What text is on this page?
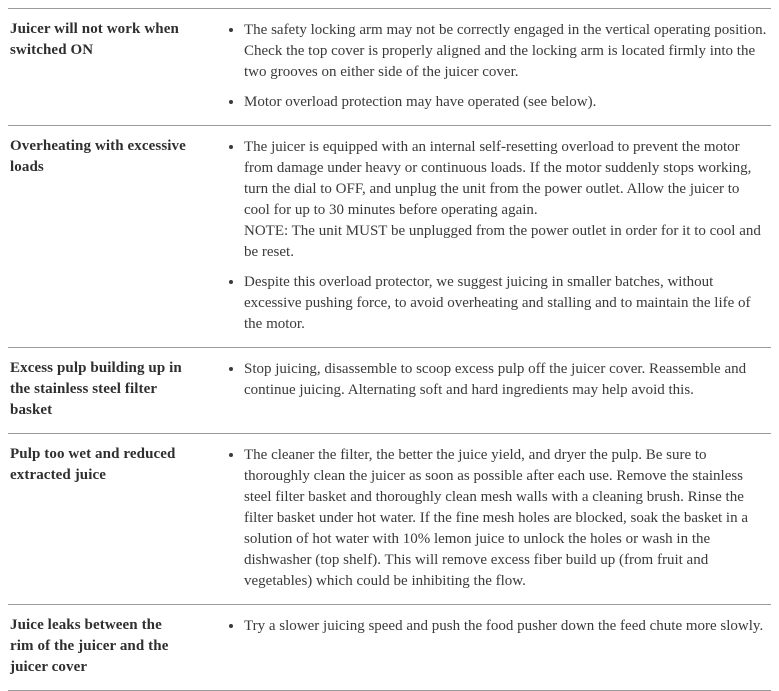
Juicer will not work when switched ON
• The safety locking arm may not be correctly engaged in the vertical operating position. Check the top cover is properly aligned and the locking arm is located firmly into the two grooves on either side of the juicer cover.
• Motor overload protection may have operated (see below).
Overheating with excessive loads
• The juicer is equipped with an internal self-resetting overload to prevent the motor from damage under heavy or continuous loads. If the motor suddenly stops working, turn the dial to OFF, and unplug the unit from the power outlet. Allow the juicer to cool for up to 30 minutes before operating again.
NOTE: The unit MUST be unplugged from the power outlet in order for it to cool and be reset.
• Despite this overload protector, we suggest juicing in smaller batches, without excessive pushing force, to avoid overheating and stalling and to maintain the life of the motor.
Excess pulp building up in the stainless steel filter basket
• Stop juicing, disassemble to scoop excess pulp off the juicer cover. Reassemble and continue juicing. Alternating soft and hard ingredients may help avoid this.
Pulp too wet and reduced extracted juice
• The cleaner the filter, the better the juice yield, and dryer the pulp. Be sure to thoroughly clean the juicer as soon as possible after each use. Remove the stainless steel filter basket and thoroughly clean mesh walls with a cleaning brush. Rinse the filter basket under hot water. If the fine mesh holes are blocked, soak the basket in a solution of hot water with 10% lemon juice to unlock the holes or wash in the dishwasher (top shelf). This will remove excess fiber build up (from fruit and vegetables) which could be inhibiting the flow.
Juice leaks between the rim of the juicer and the juicer cover
• Try a slower juicing speed and push the food pusher down the feed chute more slowly.
